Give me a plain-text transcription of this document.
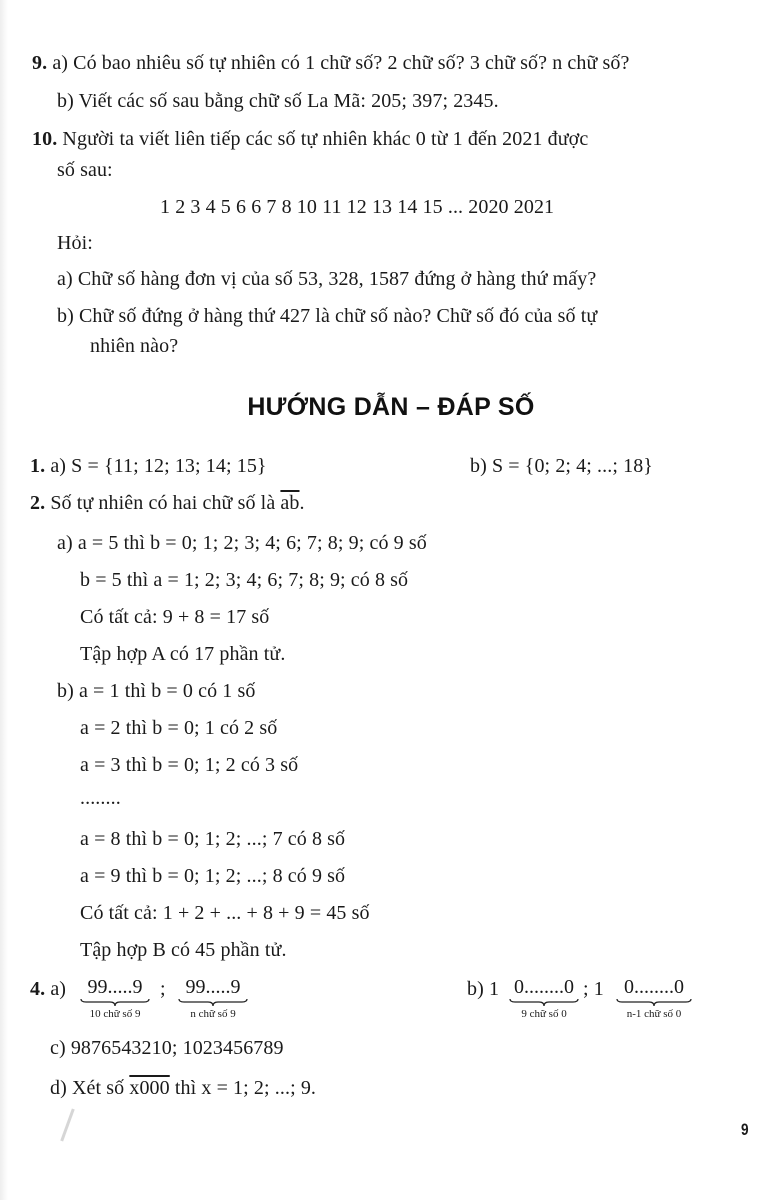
9. a) Có bao nhiêu số tự nhiên có 1 chữ số? 2 chữ số? 3 chữ số? n chữ số?
b) Viết các số sau bằng chữ số La Mã: 205; 397; 2345.
10. Người ta viết liên tiếp các số tự nhiên khác 0 từ 1 đến 2021 được
số sau:
1 2 3 4 5 6 6 7 8 10 11 12 13 14 15 ... 2020 2021
Hỏi:
a) Chữ số hàng đơn vị của số 53, 328, 1587 đứng ở hàng thứ mấy?
b) Chữ số đứng ở hàng thứ 427 là chữ số nào? Chữ số đó của số tự
nhiên nào?
HƯỚNG DẪN – ĐÁP SỐ
1. a) S = {11; 12; 13; 14; 15}	b) S = {0; 2; 4; ...; 18}
2. Số tự nhiên có hai chữ số là $\overline{ab}$.
a) a = 5 thì b = 0; 1; 2; 3; 4; 6; 7; 8; 9; có 9 số
b = 5 thì a = 1; 2; 3; 4; 6; 7; 8; 9; có 8 số
Có tất cả: 9 + 8 = 17 số
Tập hợp A có 17 phần tử.
b) a = 1 thì b = 0 có 1 số
a = 2 thì b = 0; 1 có 2 số
a = 3 thì b = 0; 1; 2 có 3 số
........
a = 8 thì b = 0; 1; 2; ...; 7 có 8 số
a = 9 thì b = 0; 1; 2; ...; 8 có 9 số
Có tất cả: 1 + 2 + ... + 8 + 9 = 45 số
Tập hợp B có 45 phần tử.
4. a)	99.....9
10 chữ số 9
; 99.....9
n chữ số 9
b) 1 0........0
9 chữ số 0
; 1	0........0
n-1 chữ số 0
c) 9876543210; 1023456789
d) Xét số x000 thì x = 1; 2; ...; 9.
9
